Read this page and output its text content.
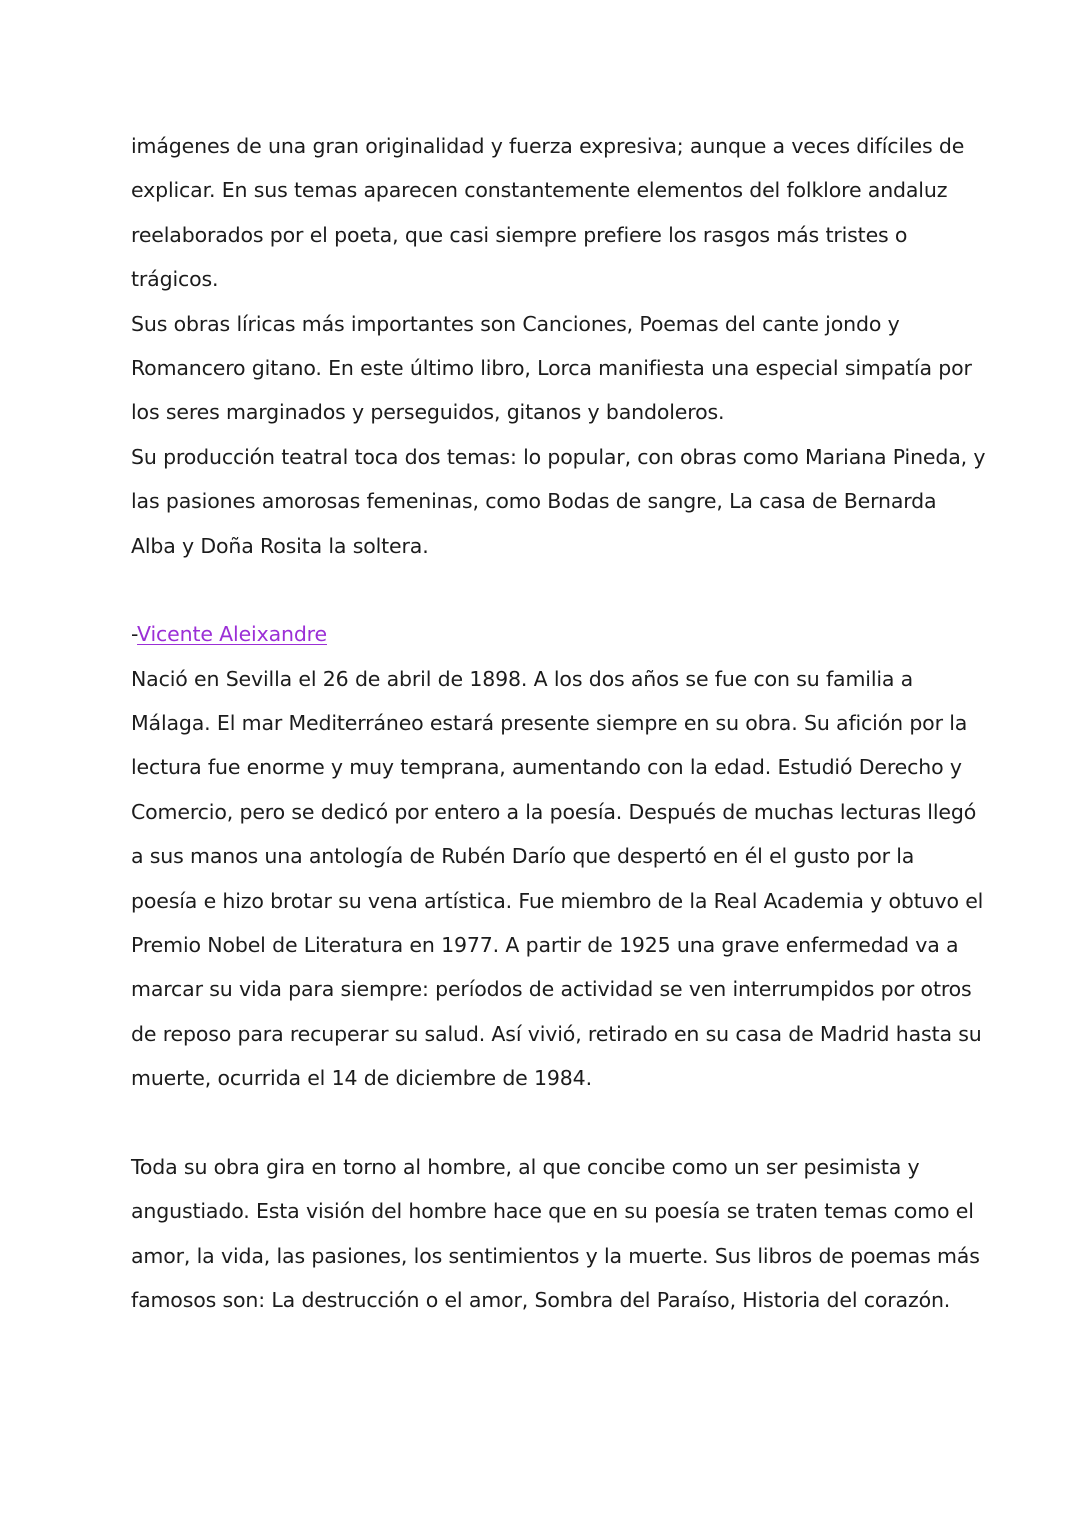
imágenes de una gran originalidad y fuerza expresiva; aunque a veces difíciles de
explicar. En sus temas aparecen constantemente elementos del folklore andaluz
reelaborados por el poeta, que casi siempre prefiere los rasgos más tristes o
trágicos.
Sus obras líricas más importantes son Canciones, Poemas del cante jondo y
Romancero gitano. En este último libro, Lorca manifiesta una especial simpatía por
los seres marginados y perseguidos, gitanos y bandoleros.
Su producción teatral toca dos temas: lo popular, con obras como Mariana Pineda, y
las pasiones amorosas femeninas, como Bodas de sangre, La casa de Bernarda
Alba y Doña Rosita la soltera.
-Vicente Aleixandre
Nació en Sevilla el 26 de abril de 1898. A los dos años se fue con su familia a
Málaga. El mar Mediterráneo estará presente siempre en su obra. Su afición por la
lectura fue enorme y muy temprana, aumentando con la edad. Estudió Derecho y
Comercio, pero se dedicó por entero a la poesía. Después de muchas lecturas llegó
a sus manos una antología de Rubén Darío que despertó en él el gusto por la
poesía e hizo brotar su vena artística. Fue miembro de la Real Academia y obtuvo el
Premio Nobel de Literatura en 1977. A partir de 1925 una grave enfermedad va a
marcar su vida para siempre: períodos de actividad se ven interrumpidos por otros
de reposo para recuperar su salud. Así vivió, retirado en su casa de Madrid hasta su
muerte, ocurrida el 14 de diciembre de 1984.
Toda su obra gira en torno al hombre, al que concibe como un ser pesimista y
angustiado. Esta visión del hombre hace que en su poesía se traten temas como el
amor, la vida, las pasiones, los sentimientos y la muerte. Sus libros de poemas más
famosos son: La destrucción o el amor, Sombra del Paraíso, Historia del corazón.
